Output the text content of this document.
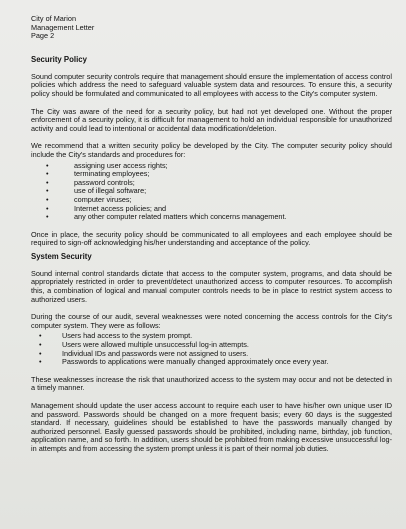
City of Marion
Management Letter
Page 2
Security Policy

Sound computer security controls require that management should ensure the implementation of access control policies which address the need to safeguard valuable system data and resources. To ensure this, a security policy should be formulated and communicated to all employees with access to the City's computer system.

The City was aware of the need for a security policy, but had not yet developed one. Without the proper enforcement of a security policy, it is difficult for management to hold an individual responsible for unauthorized activity and could lead to intentional or accidental data modification/deletion.

We recommend that a written security policy be developed by the City. The computer security policy should include the City's standards and procedures for:

• assigning user access rights;
• terminating employees;
• password controls;
• use of illegal software;
• computer viruses;
• Internet access policies; and
• any other computer related matters which concerns management.

Once in place, the security policy should be communicated to all employees and each employee should be required to sign-off acknowledging his/her understanding and acceptance of the policy.

System Security

Sound internal control standards dictate that access to the computer system, programs, and data should be appropriately restricted in order to prevent/detect unauthorized access to computer resources. To accomplish this, a combination of logical and manual computer controls needs to be in place to restrict system access to authorized users.

During the course of our audit, several weaknesses were noted concerning the access controls for the City's computer system. They were as follows:

• Users had access to the system prompt.
• Users were allowed multiple unsuccessful log-in attempts.
• Individual IDs and passwords were not assigned to users.
• Passwords to applications were manually changed approximately once every year.

These weaknesses increase the risk that unauthorized access to the system may occur and not be detected in a timely manner.

Management should update the user access account to require each user to have his/her own unique user ID and password. Passwords should be changed on a more frequent basis; every 60 days is the suggested standard. If necessary, guidelines should be established to have the passwords manually changed by authorized personnel. Easily guessed passwords should be prohibited, including name, birthday, job function, application name, and so forth. In addition, users should be prohibited from making excessive unsuccessful log-in attempts and from accessing the system prompt unless it is part of their normal job duties.
